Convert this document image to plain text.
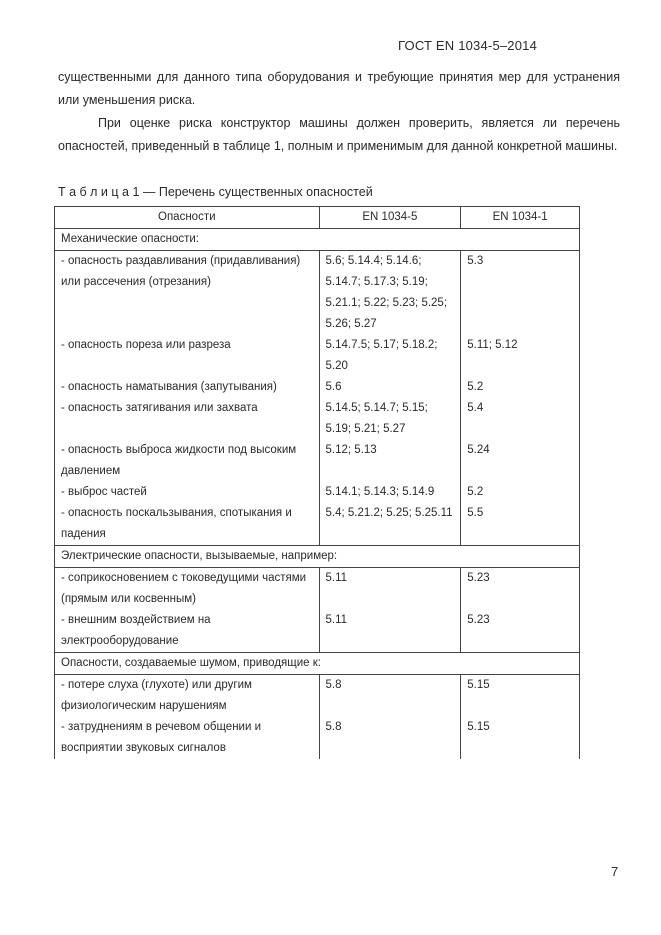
ГОСТ EN 1034-5–2014
существенными для данного типа оборудования и требующие принятия мер для устранения или уменьшения риска.
При оценке риска конструктор машины должен проверить, является ли перечень опасностей, приведенный в таблице 1, полным и применимым для данной конкретной машины.
Т а б л и ц а 1 — Перечень существенных опасностей
Опасности	EN 1034-5	EN 1034-1
Механические опасности:		
- опасность раздавливания (придавливания) или рассечения (отрезания)	5.6; 5.14.4; 5.14.6; 5.14.7; 5.17.3; 5.19; 5.21.1; 5.22; 5.23; 5.25; 5.26; 5.27	5.3
- опасность пореза или разреза	5.14.7.5; 5.17; 5.18.2; 5.20	5.11; 5.12
- опасность наматывания (запутывания)	5.6	5.2
- опасность затягивания или захвата	5.14.5; 5.14.7; 5.15; 5.19; 5.21; 5.27	5.4
- опасность выброса жидкости под высоким давлением	5.12; 5.13	5.24
- выброс частей	5.14.1; 5.14.3; 5.14.9	5.2
- опасность поскальзывания, спотыкания и падения	5.4; 5.21.2; 5.25; 5.25.11	5.5
Электрические опасности, вызываемые, например:		
- соприкосновением с токоведущими частями (прямым или косвенным)	5.11	5.23
- внешним воздействием на электрооборудование	5.11	5.23
Опасности, создаваемые шумом, приводящие к:		
- потере слуха (глухоте) или другим физиологическим нарушениям	5.8	5.15
- затруднениям в речевом общении и восприятии звуковых сигналов	5.8	5.15
7
